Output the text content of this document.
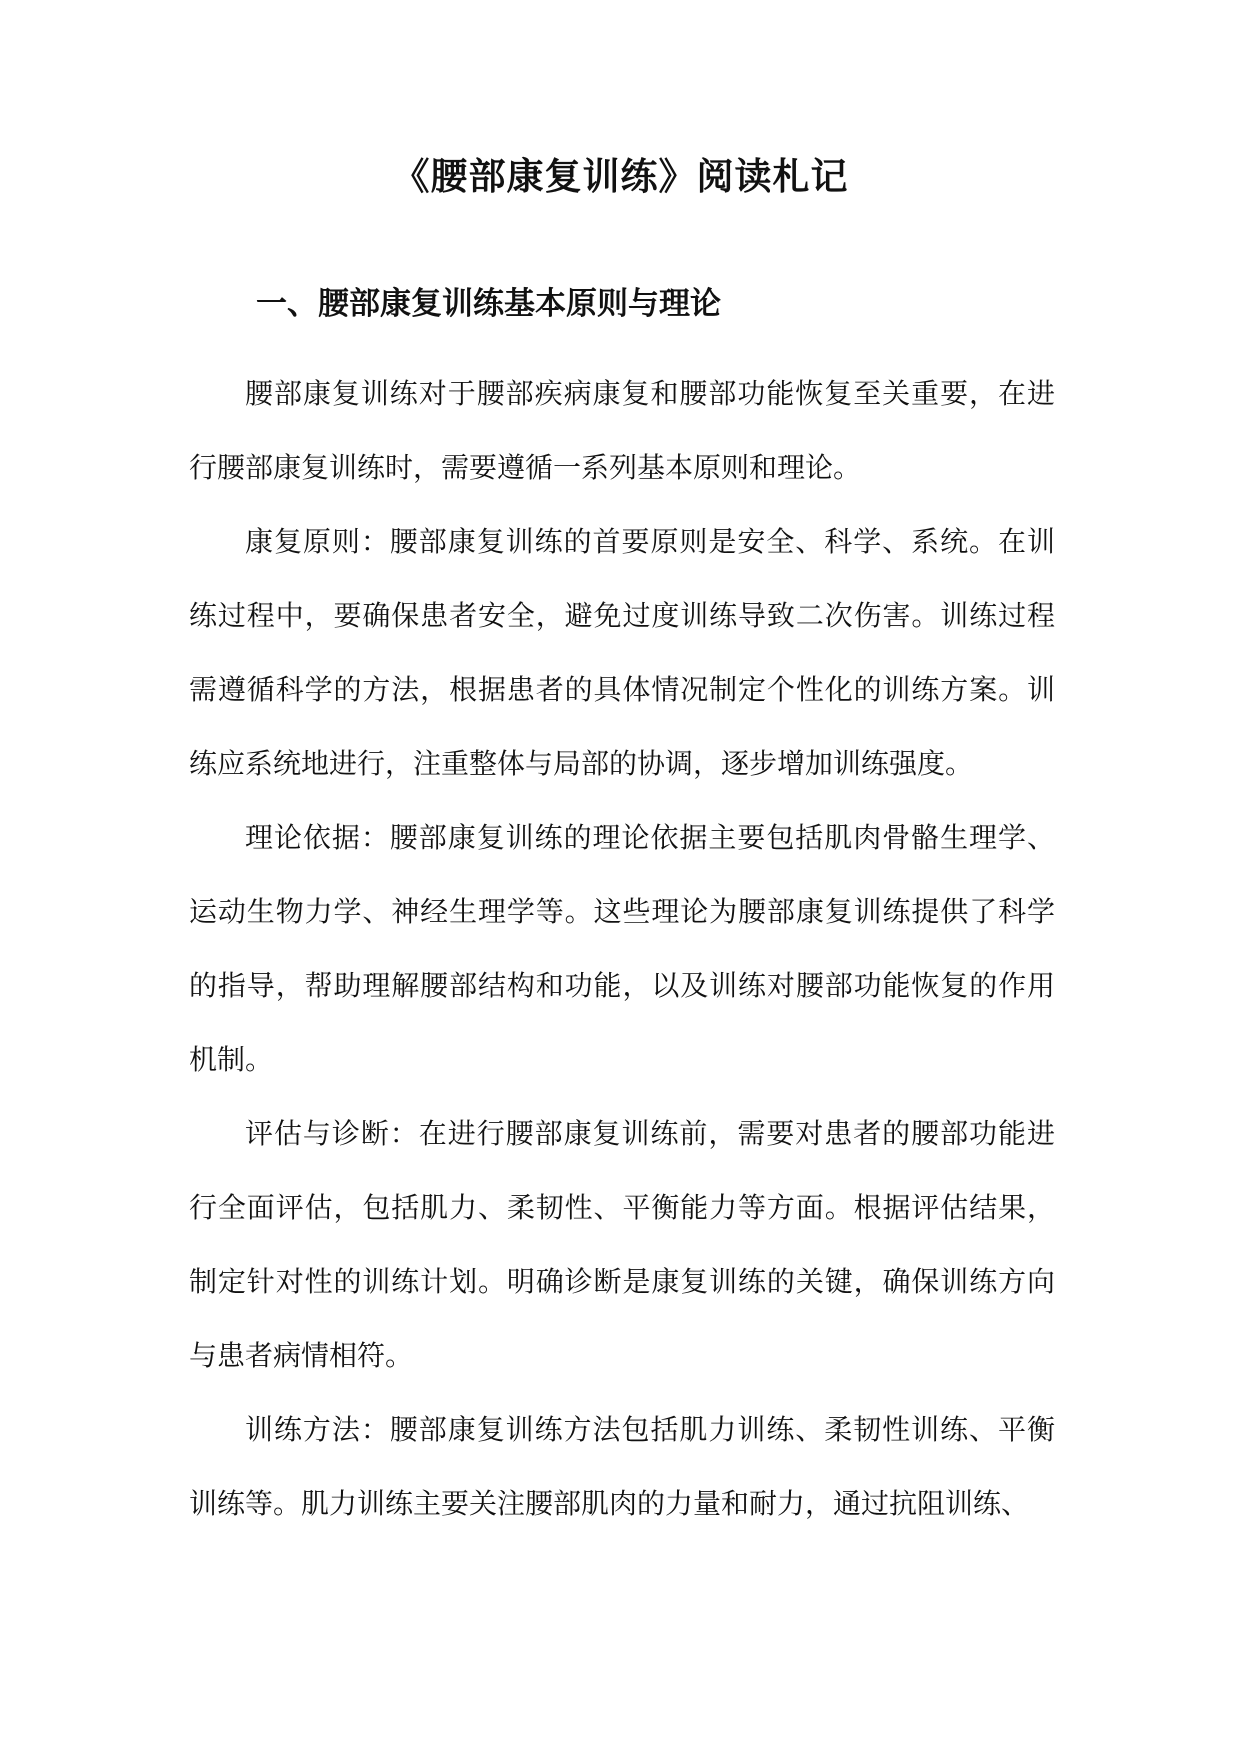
《腰部康复训练》阅读札记
一、腰部康复训练基本原则与理论

腰部康复训练对于腰部疾病康复和腰部功能恢复至关重要，在进行腰部康复训练时，需要遵循一系列基本原则和理论。

康复原则：腰部康复训练的首要原则是安全、科学、系统。在训练过程中，要确保患者安全，避免过度训练导致二次伤害。训练过程需遵循科学的方法，根据患者的具体情况制定个性化的训练方案。训练应系统地进行，注重整体与局部的协调，逐步增加训练强度。

理论依据：腰部康复训练的理论依据主要包括肌肉骨骼生理学、运动生物力学、神经生理学等。这些理论为腰部康复训练提供了科学的指导，帮助理解腰部结构和功能，以及训练对腰部功能恢复的作用机制。

评估与诊断：在进行腰部康复训练前，需要对患者的腰部功能进行全面评估，包括肌力、柔韧性、平衡能力等方面。根据评估结果，制定针对性的训练计划。明确诊断是康复训练的关键，确保训练方向与患者病情相符。

训练方法：腰部康复训练方法包括肌力训练、柔韧性训练、平衡训练等。肌力训练主要关注腰部肌肉的力量和耐力，通过抗阻训练、
